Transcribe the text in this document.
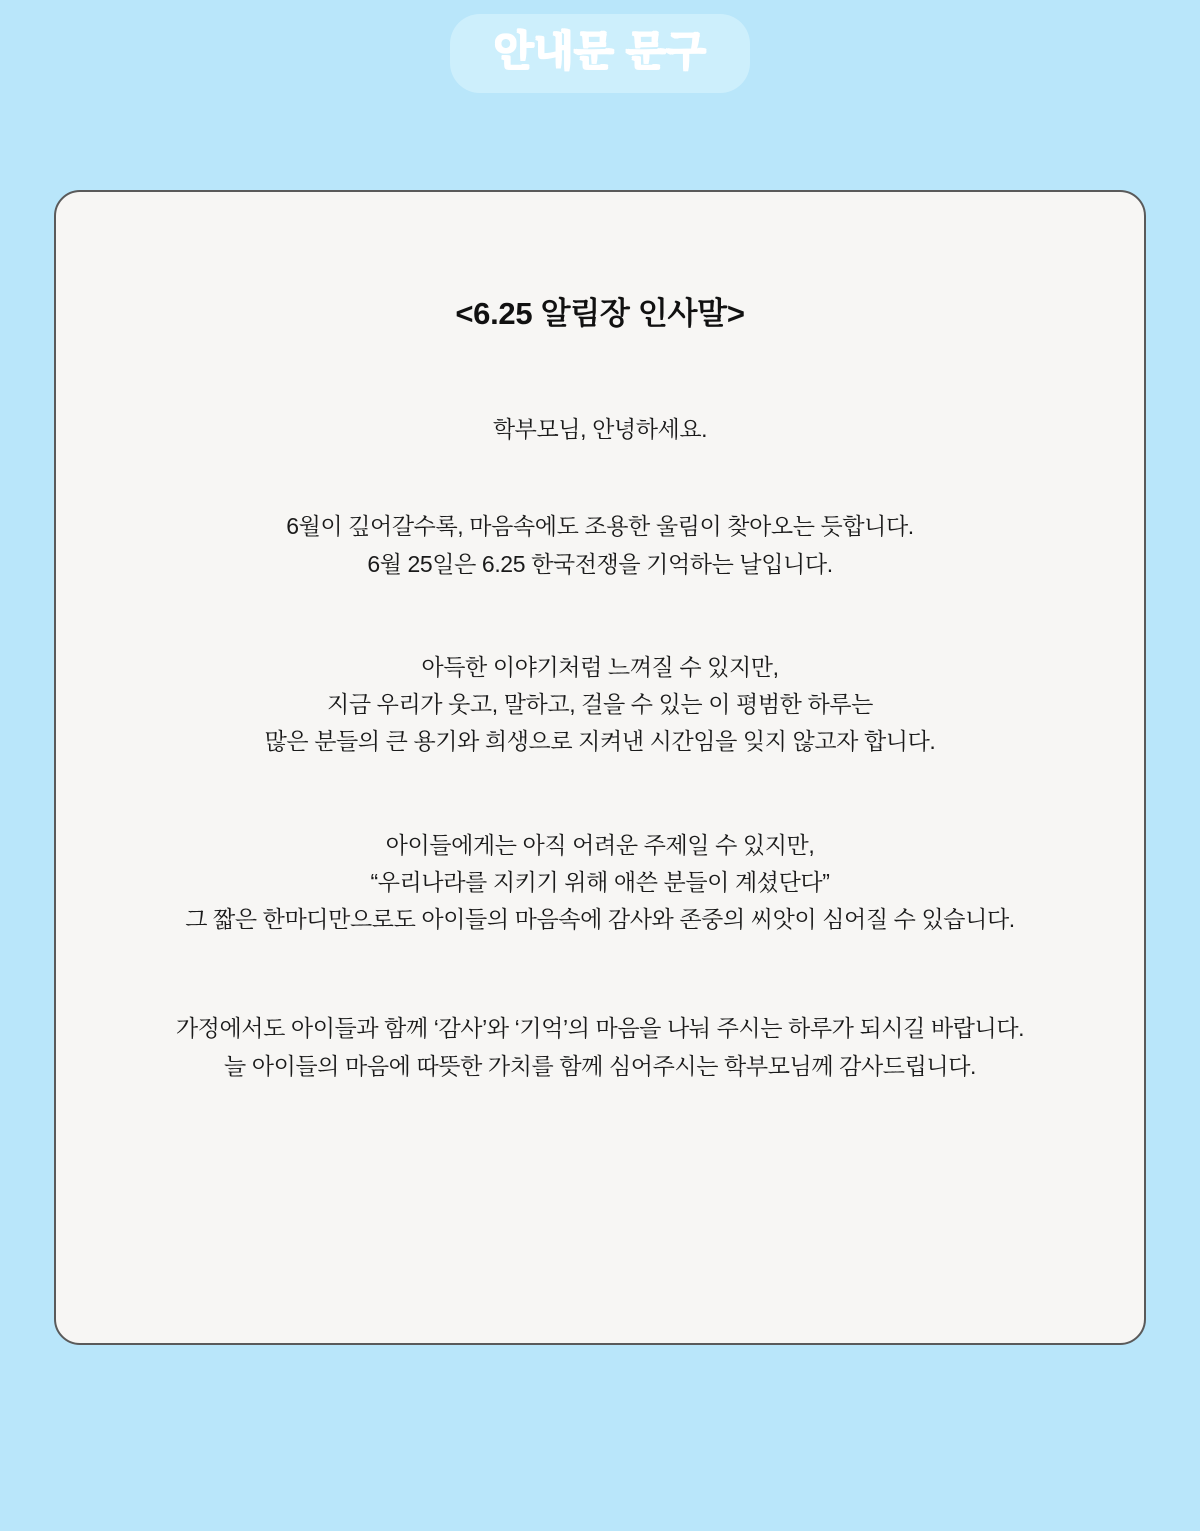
안내문 문구
<6.25 알림장 인사말>

학부모님, 안녕하세요.

6월이 깊어갈수록, 마음속에도 조용한 울림이 찾아오는 듯합니다.
6월 25일은 6.25 한국전쟁을 기억하는 날입니다.

아득한 이야기처럼 느껴질 수 있지만,
지금 우리가 웃고, 말하고, 걸을 수 있는 이 평범한 하루는
많은 분들의 큰 용기와 희생으로 지켜낸 시간임을 잊지 않고자 합니다.

아이들에게는 아직 어려운 주제일 수 있지만,
“우리나라를 지키기 위해 애쓴 분들이 계셨단다”
그 짧은 한마디만으로도 아이들의 마음속에 감사와 존중의 씨앗이 심어질 수 있습니다.

가정에서도 아이들과 함께 ‘감사’와 ‘기억’의 마음을 나눠 주시는 하루가 되시길 바랍니다.
늘 아이들의 마음에 따뜻한 가치를 함께 심어주시는 학부모님께 감사드립니다.
